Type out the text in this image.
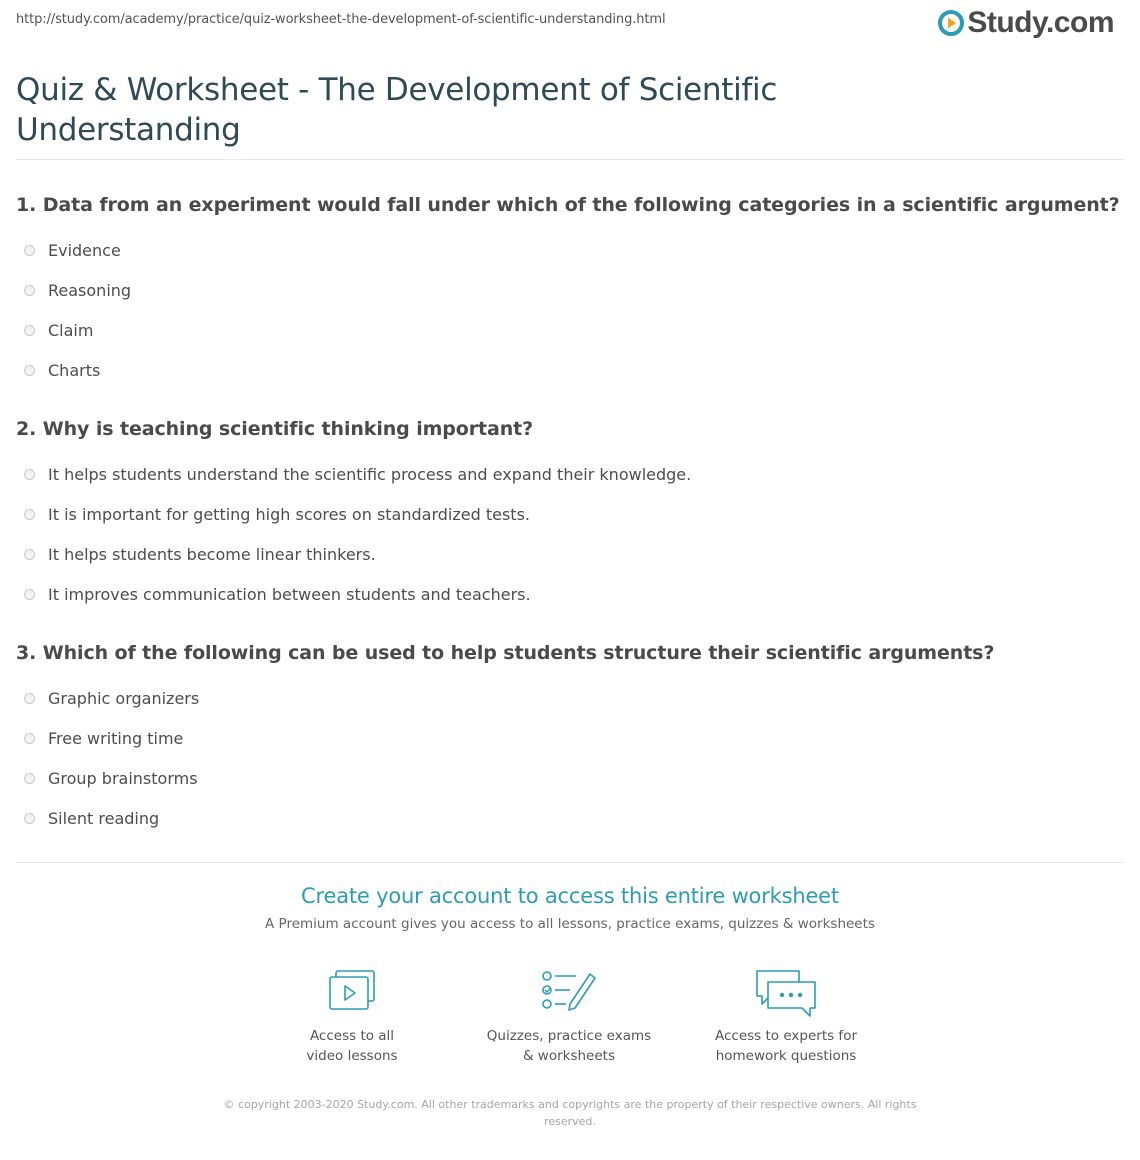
http://study.com/academy/practice/quiz-worksheet-the-development-of-scientific-understanding.html	Study.com
Quiz & Worksheet - The Development of Scientific Understanding

1. Data from an experiment would fall under which of the following categories in a scientific argument?

Evidence
Reasoning
Claim
Charts

2. Why is teaching scientific thinking important?

It helps students understand the scientific process and expand their knowledge.
It is important for getting high scores on standardized tests.
It helps students become linear thinkers.
It improves communication between students and teachers.

3. Which of the following can be used to help students structure their scientific arguments?

Graphic organizers
Free writing time
Group brainstorms
Silent reading
Create your account to access this entire worksheet
A Premium account gives you access to all lessons, practice exams, quizzes & worksheets
Access to all
video lessons
Quizzes, practice exams
& worksheets
Access to experts for
homework questions
© copyright 2003-2020 Study.com. All other trademarks and copyrights are the property of their respective owners. All rights reserved.
